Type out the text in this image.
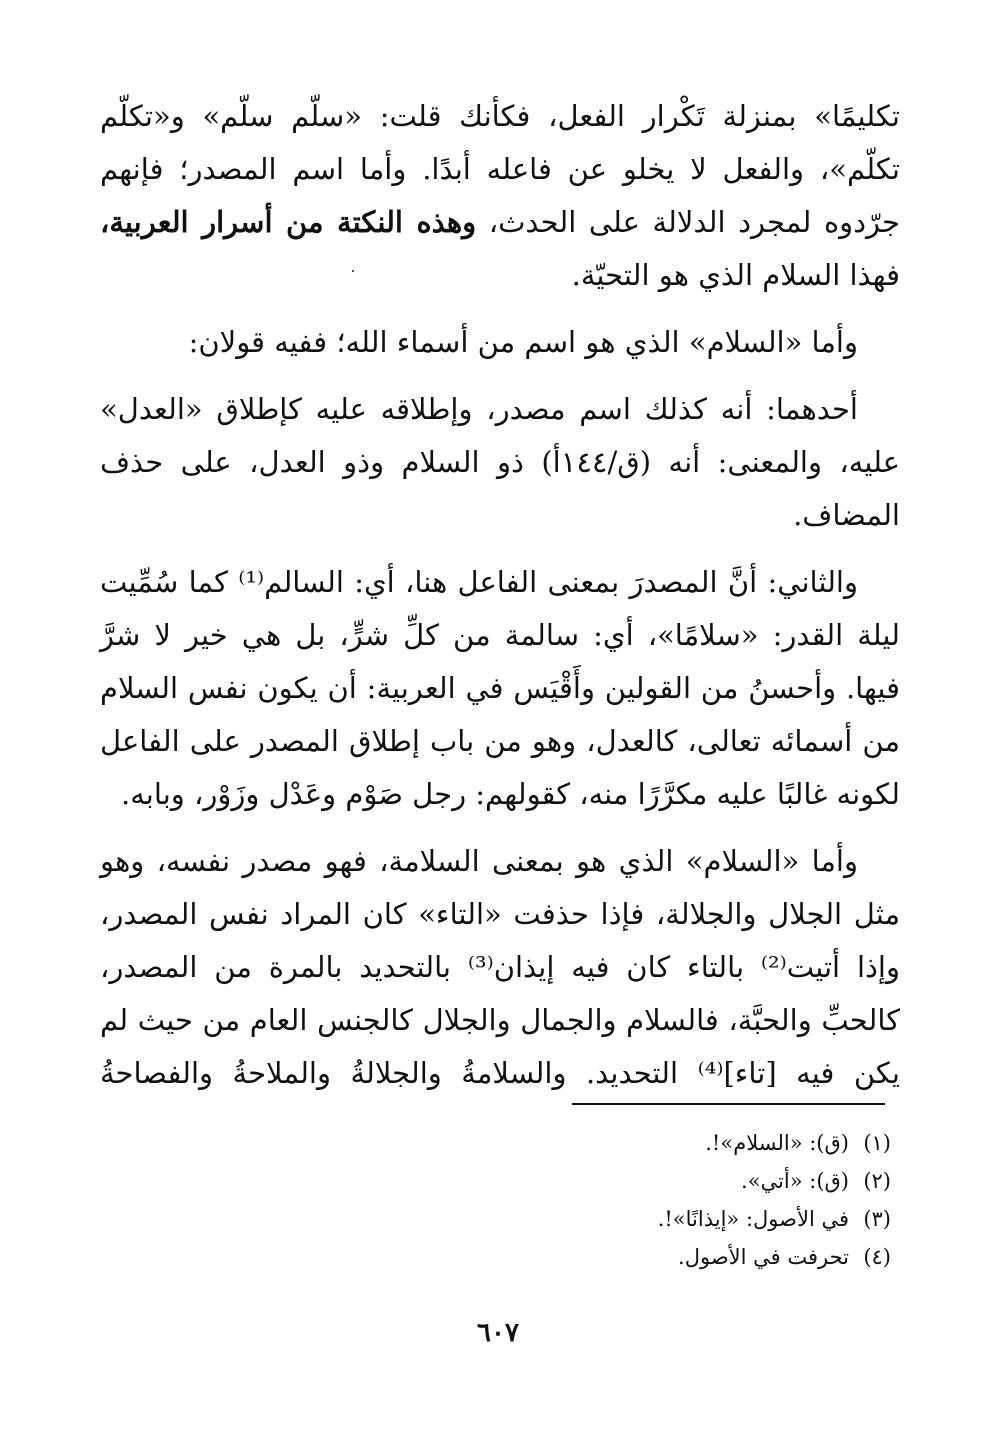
تكليمًا» بمنزلة تَكْرار الفعل، فكأنك قلت: «سلّم سلّم» و«تكلّم تكلّم»، والفعل لا يخلو عن فاعله أبدًا. وأما اسم المصدر؛ فإنهم جرّدوه لمجرد الدلالة على الحدث، وهذه النكتة من أسرار العربية، فهذا السلام الذي هو التحيّة.

وأما «السلام» الذي هو اسم من أسماء الله؛ ففيه قولان:

أحدهما: أنه كذلك اسم مصدر، وإطلاقه عليه كإطلاق «العدل» عليه، والمعنى: أنه (ق/١٤٤أ) ذو السلام وذو العدل، على حذف المضاف.

والثاني: أنَّ المصدرَ بمعنى الفاعل هنا، أي: السالم⁽¹⁾ كما سُمِّيت ليلة القدر: «سلامًا»، أي: سالمة من كلِّ شرٍّ، بل هي خير لا شرَّ فيها. وأحسنُ من القولين وأَقْيَس في العربية: أن يكون نفس السلام من أسمائه تعالى، كالعدل، وهو من باب إطلاق المصدر على الفاعل لكونه غالبًا عليه مكرَّرًا منه، كقولهم: رجل صَوْم وعَدْل وزَوْر، وبابه.

وأما «السلام» الذي هو بمعنى السلامة، فهو مصدر نفسه، وهو مثل الجلال والجلالة، فإذا حذفت «التاء» كان المراد نفس المصدر، وإذا أتيت⁽²⁾ بالتاء كان فيه إيذان⁽³⁾ بالتحديد بالمرة من المصدر، كالحبِّ والحبَّة، فالسلام والجمال والجلال كالجنس العام من حيث لم يكن فيه [تاء]⁽⁴⁾ التحديد. والسلامةُ والجلالةُ والملاحةُ والفصاحةُ

(١)
(ق): «السلام»!.
(٢)
(ق): «أتي».
(٣)
في الأصول: «إيذانًا»!.
(٤)
تحرفت في الأصول.
٦٠٧
